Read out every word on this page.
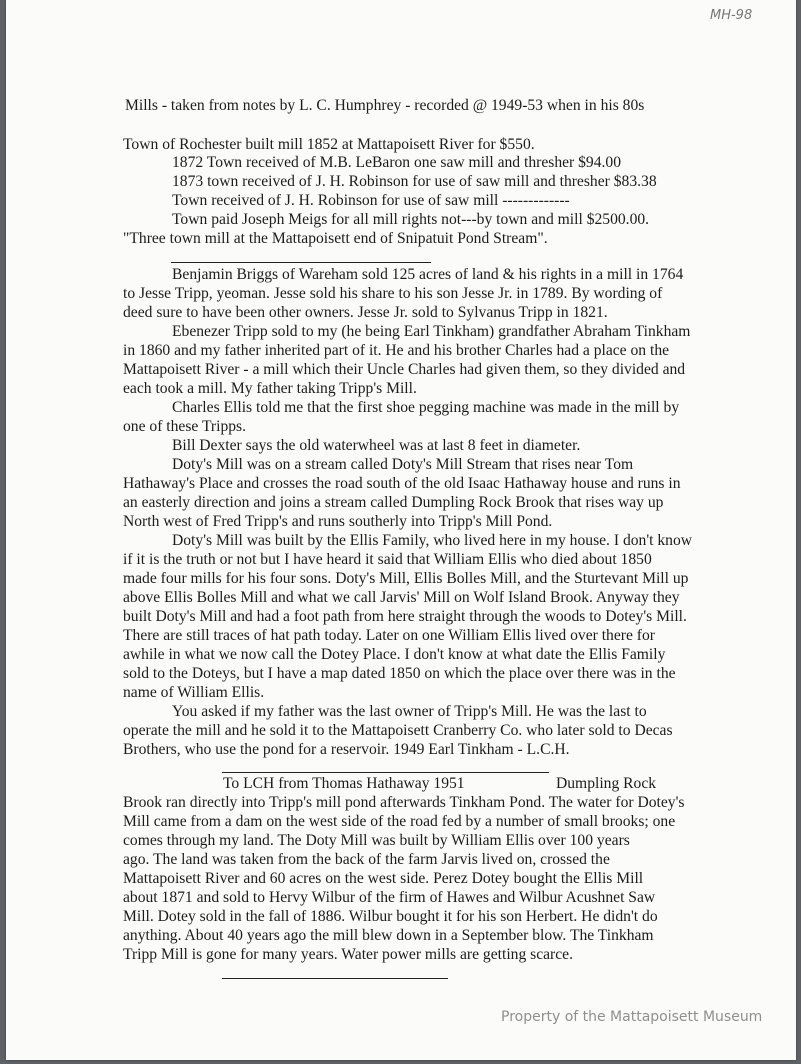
MH-98
Mills - taken from notes by L. C. Humphrey - recorded @ 1949-53 when in his 80s
Town of Rochester built mill 1852 at Mattapoisett River for $550.
1872 Town received of M.B. LeBaron one saw mill and thresher $94.00
1873 town received of J. H. Robinson for use of saw mill and thresher $83.38
Town received of J. H. Robinson for use of saw mill -------------
Town paid Joseph Meigs for all mill rights not---by town and mill $2500.00.
"Three town mill at the Mattapoisett end of Snipatuit Pond Stream".
Benjamin Briggs of Wareham sold 125 acres of land & his rights in a mill in 1764
to Jesse Tripp, yeoman. Jesse sold his share to his son Jesse Jr. in 1789. By wording of
deed sure to have been other owners. Jesse Jr. sold to Sylvanus Tripp in 1821.
Ebenezer Tripp sold to my (he being Earl Tinkham) grandfather Abraham Tinkham
in 1860 and my father inherited part of it. He and his brother Charles had a place on the
Mattapoisett River - a mill which their Uncle Charles had given them, so they divided and
each took a mill. My father taking Tripp's Mill.
Charles Ellis told me that the first shoe pegging machine was made in the mill by
one of these Tripps.
Bill Dexter says the old waterwheel was at last 8 feet in diameter.
Doty's Mill was on a stream called Doty's Mill Stream that rises near Tom
Hathaway's Place and crosses the road south of the old Isaac Hathaway house and runs in
an easterly direction and joins a stream called Dumpling Rock Brook that rises way up
North west of Fred Tripp's and runs southerly into Tripp's Mill Pond.
Doty's Mill was built by the Ellis Family, who lived here in my house. I don't know
if it is the truth or not but I have heard it said that William Ellis who died about 1850
made four mills for his four sons. Doty's Mill, Ellis Bolles Mill, and the Sturtevant Mill up
above Ellis Bolles Mill and what we call Jarvis' Mill on Wolf Island Brook. Anyway they
built Doty's Mill and had a foot path from here straight through the woods to Dotey's Mill.
There are still traces of hat path today. Later on one William Ellis lived over there for
awhile in what we now call the Dotey Place. I don't know at what date the Ellis Family
sold to the Doteys, but I have a map dated 1850 on which the place over there was in the
name of William Ellis.
You asked if my father was the last owner of Tripp's Mill. He was the last to
operate the mill and he sold it to the Mattapoisett Cranberry Co. who later sold to Decas
Brothers, who use the pond for a reservoir. 1949 Earl Tinkham - L.C.H.
To LCH from Thomas Hathaway 1951	Dumpling Rock
Brook ran directly into Tripp's mill pond afterwards Tinkham Pond. The water for Dotey's
Mill came from a dam on the west side of the road fed by a number of small brooks; one
comes through my land. The Doty Mill was built by William Ellis over 100 years
ago. The land was taken from the back of the farm Jarvis lived on, crossed the
Mattapoisett River and 60 acres on the west side. Perez Dotey bought the Ellis Mill
about 1871 and sold to Hervy Wilbur of the firm of Hawes and Wilbur Acushnet Saw
Mill. Dotey sold in the fall of 1886. Wilbur bought it for his son Herbert. He didn't do
anything. About 40 years ago the mill blew down in a September blow. The Tinkham
Tripp Mill is gone for many years. Water power mills are getting scarce.
Property of the Mattapoisett Museum
